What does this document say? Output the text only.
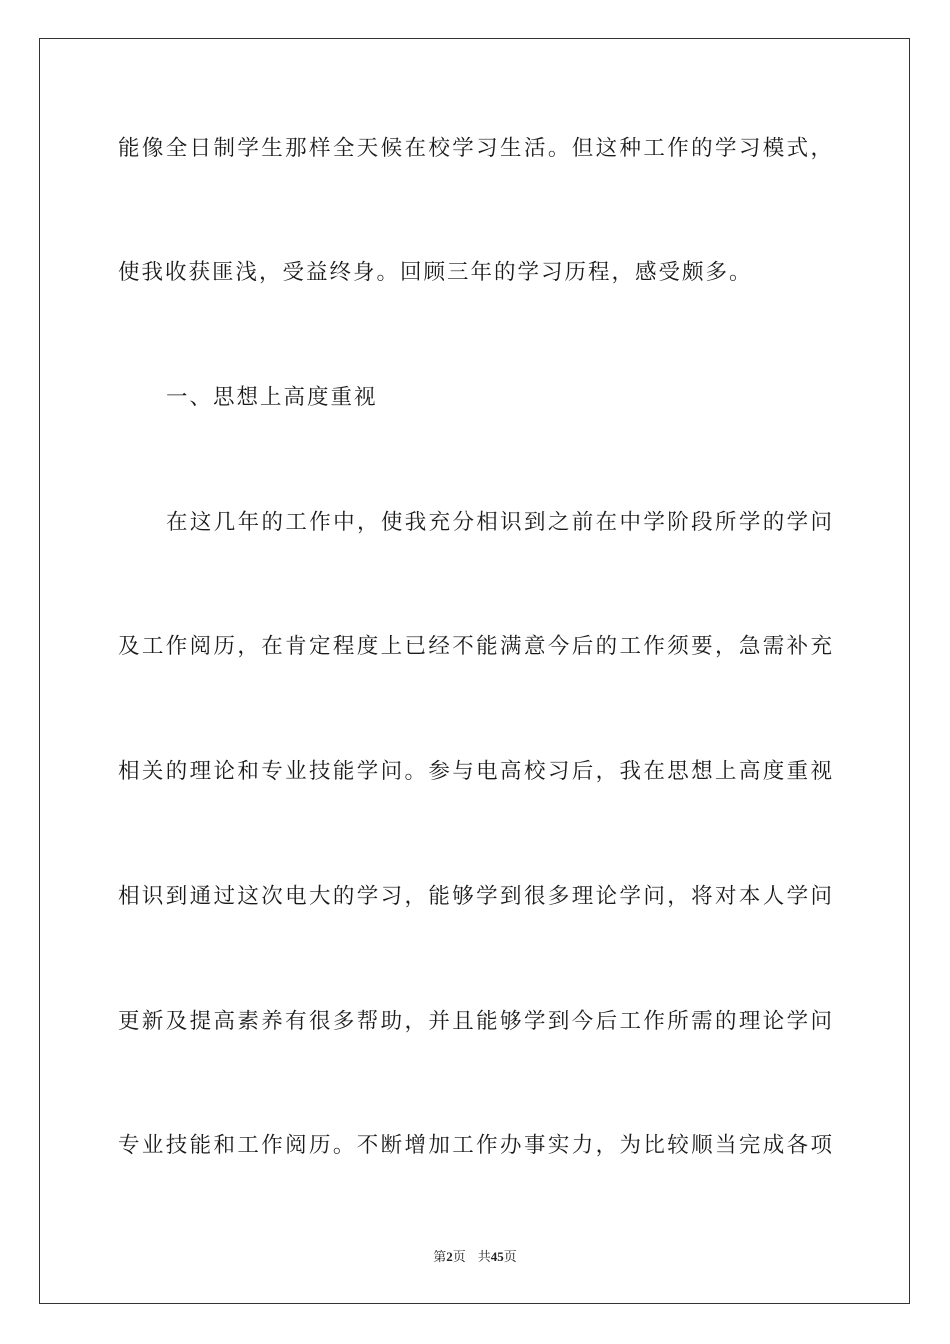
能像全日制学生那样全天候在校学习生活。但这种工作的学习模式，
使我收获匪浅，受益终身。回顾三年的学习历程，感受颇多。
一、思想上高度重视
在这几年的工作中，使我充分相识到之前在中学阶段所学的学问
及工作阅历，在肯定程度上已经不能满意今后的工作须要，急需补充
相关的理论和专业技能学问。参与电高校习后，我在思想上高度重视
相识到通过这次电大的学习，能够学到很多理论学问，将对本人学问
更新及提高素养有很多帮助，并且能够学到今后工作所需的理论学问
专业技能和工作阅历。不断增加工作办事实力，为比较顺当完成各项
第2页 共45页
